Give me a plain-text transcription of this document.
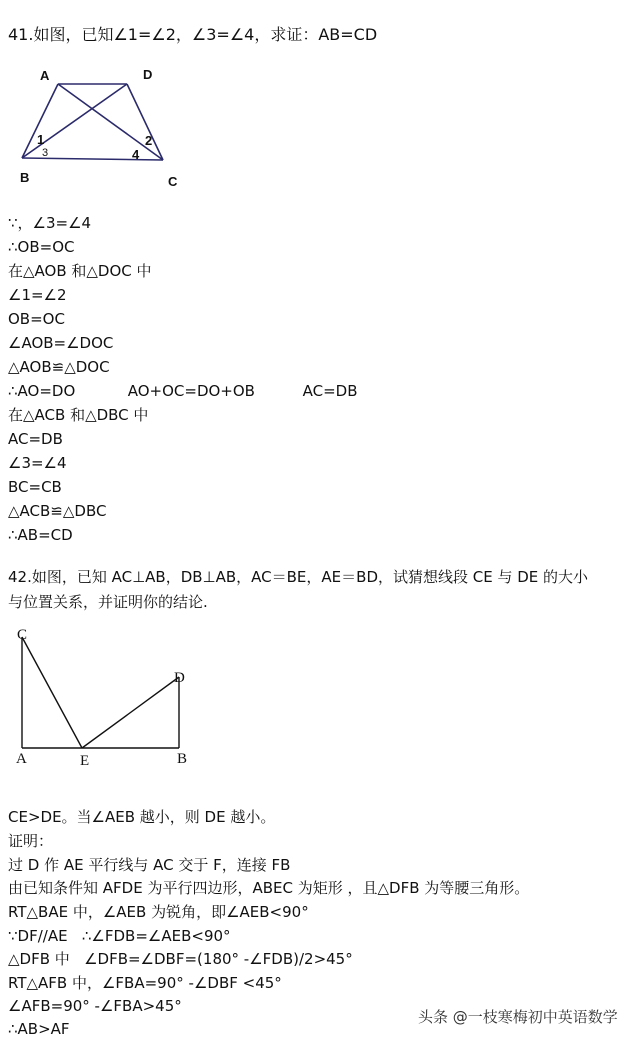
41.如图，已知∠1=∠2，∠3=∠4，求证：AB=CD
A	D
B	C
1	2
3	4
∵，∠3=∠4
∴OB=OC
在△AOB 和△DOC 中
∠1=∠2
OB=OC
∠AOB=∠DOC
△AOB≌△DOC
∴AO=DO           AO+OC=DO+OB          AC=DB
在△ACB 和△DBC 中
AC=DB
∠3=∠4
BC=CB
△ACB≌△DBC
∴AB=CD
42.如图，已知 AC⊥AB，DB⊥AB，AC＝BE，AE＝BD，试猜想线段 CE 与 DE 的大小
与位置关系，并证明你的结论.
C
A	E	B
D
CE>DE。当∠AEB 越小，则 DE 越小。
证明：
过 D 作 AE 平行线与 AC 交于 F，连接 FB
由已知条件知 AFDE 为平行四边形，ABEC 为矩形 ，且△DFB 为等腰三角形。
RT△BAE 中，∠AEB 为锐角，即∠AEB<90°
∵DF//AE   ∴∠FDB=∠AEB<90°
△DFB 中   ∠DFB=∠DBF=(180° -∠FDB)/2>45°
RT△AFB 中，∠FBA=90° -∠DBF <45°
∠AFB=90° -∠FBA>45°
∴AB>AF
头条 @一枝寒梅初中英语数学
